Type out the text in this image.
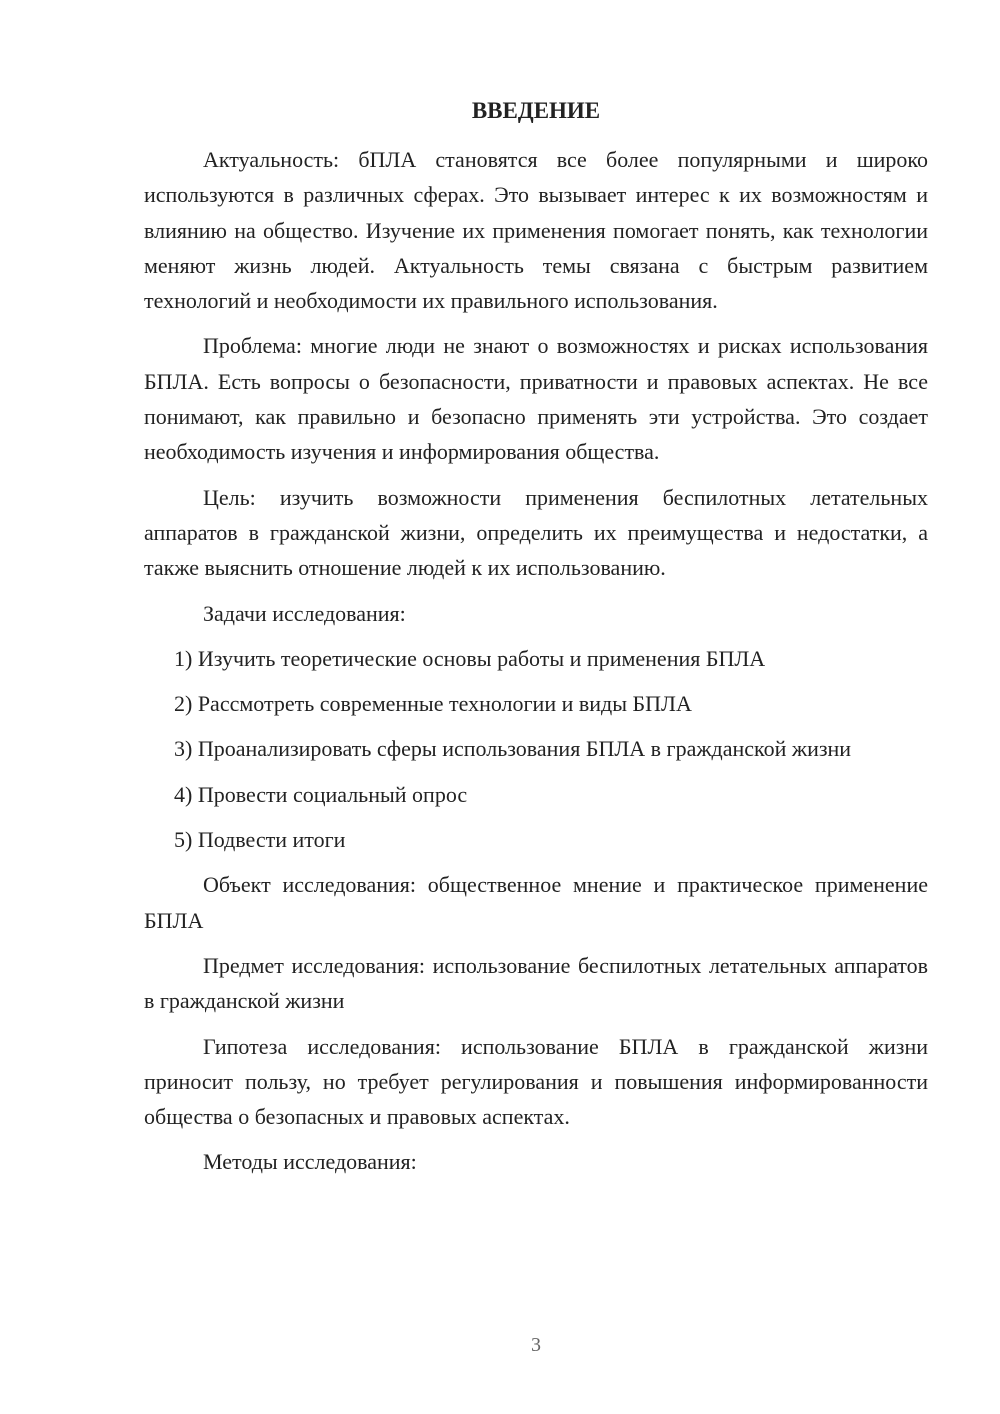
ВВЕДЕНИЕ

Актуальность: бПЛА становятся все более популярными и широко используются в различных сферах. Это вызывает интерес к их возможностям и влиянию на общество. Изучение их применения помогает понять, как технологии меняют жизнь людей. Актуальность темы связана с быстрым развитием технологий и необходимости их правильного использования.

Проблема: многие люди не знают о возможностях и рисках использования БПЛА. Есть вопросы о безопасности, приватности и правовых аспектах. Не все понимают, как правильно и безопасно применять эти устройства. Это создает необходимость изучения и информирования общества.

Цель: изучить возможности применения беспилотных летательных аппаратов в гражданской жизни, определить их преимущества и недостатки, а также выяснить отношение людей к их использованию.

Задачи исследования:

1) Изучить теоретические основы работы и применения БПЛА

2) Рассмотреть современные технологии и виды БПЛА

3) Проанализировать сферы использования БПЛА в гражданской жизни

4) Провести социальный опрос

5) Подвести итоги

Объект исследования: общественное мнение и практическое применение БПЛА

Предмет исследования: использование беспилотных летательных аппаратов в гражданской жизни

Гипотеза исследования: использование БПЛА в гражданской жизни приносит пользу, но требует регулирования и повышения информированности общества о безопасных и правовых аспектах.

Методы исследования:

3
